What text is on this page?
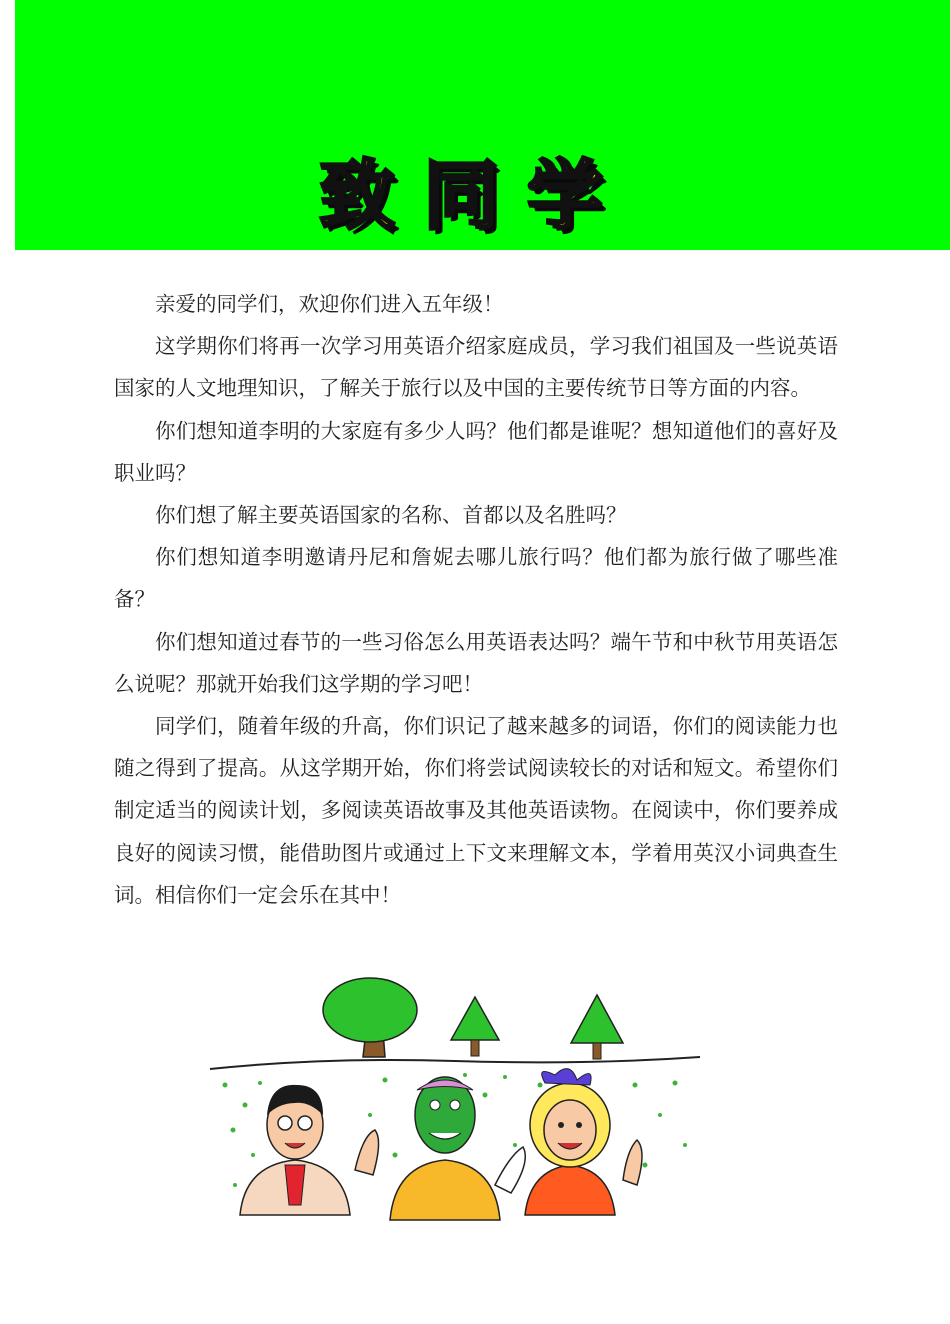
致同学

亲爱的同学们，欢迎你们进入五年级！

这学期你们将再一次学习用英语介绍家庭成员，学习我们祖国及一些说英语国家的人文地理知识，了解关于旅行以及中国的主要传统节日等方面的内容。

你们想知道李明的大家庭有多少人吗？他们都是谁呢？想知道他们的喜好及职业吗？

你们想了解主要英语国家的名称、首都以及名胜吗？

你们想知道李明邀请丹尼和詹妮去哪儿旅行吗？他们都为旅行做了哪些准备？

你们想知道过春节的一些习俗怎么用英语表达吗？端午节和中秋节用英语怎么说呢？那就开始我们这学期的学习吧！

同学们，随着年级的升高，你们识记了越来越多的词语，你们的阅读能力也随之得到了提高。从这学期开始，你们将尝试阅读较长的对话和短文。希望你们制定适当的阅读计划，多阅读英语故事及其他英语读物。在阅读中，你们要养成良好的阅读习惯，能借助图片或通过上下文来理解文本，学着用英汉小词典查生词。相信你们一定会乐在其中！
